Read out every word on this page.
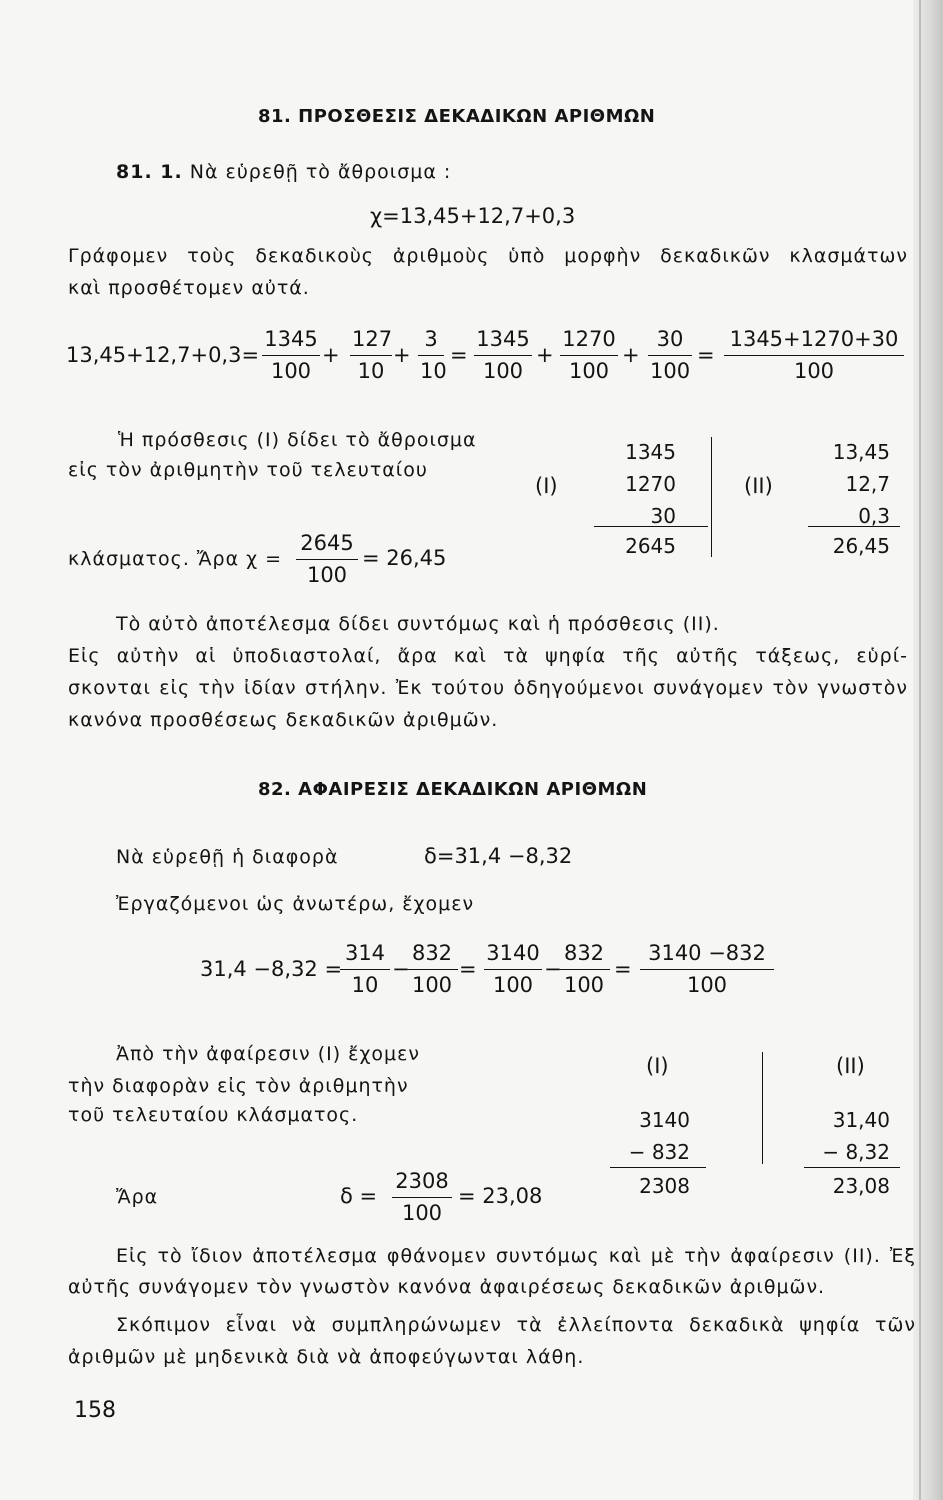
81. ΠΡΟΣΘΕΣΙΣ ΔΕΚΑΔΙΚΩΝ ΑΡΙΘΜΩΝ
81. 1. Νὰ εὑρεθῇ τὸ ἄθροισμα :
χ=13,45+12,7+0,3
Γράφομεν τοὺς δεκαδικοὺς ἀριθμοὺς ὑπὸ μορφὴν δεκαδικῶν κλασμάτων
καὶ προσθέτομεν αὐτά.
13,45+12,7+0,3=
1345
100
+
127
10
+
3
10
=
1345
100
+
1270
100
+
30
100
=
1345+1270+30
100
Ἡ πρόσθεσις (Ι) δίδει τὸ ἄθροισμα
εἰς τὸν ἀριθμητὴν τοῦ τελευταίου
κλάσματος. Ἄρα χ =
2645
100
= 26,45
(Ι)
1345
1270
30
2645
(ΙΙ)
13,45
12,7
0,3
26,45
Τὸ αὐτὸ ἀποτέλεσμα δίδει συντόμως καὶ ἡ πρόσθεσις (ΙΙ).
Εἰς αὐτὴν αἱ ὑποδιαστολαί, ἄρα καὶ τὰ ψηφία τῆς αὐτῆς τάξεως, εὑρί-
σκονται εἰς τὴν ἰδίαν στήλην. Ἐκ τούτου ὁδηγούμενοι συνάγομεν τὸν γνωστὸν
κανόνα προσθέσεως δεκαδικῶν ἀριθμῶν.
82. ΑΦΑΙΡΕΣΙΣ ΔΕΚΑΔΙΚΩΝ ΑΡΙΘΜΩΝ
Νὰ εὑρεθῇ ἡ διαφορὰ	δ=31,4 −8,32
Ἐργαζόμενοι ὡς ἀνωτέρω, ἔχομεν
31,4 −8,32 =
314
10
−
832
100
=
3140
100
−
832
100
=
3140 −832
100
Ἀπὸ τὴν ἀφαίρεσιν (Ι) ἔχομεν
τὴν διαφορὰν εἰς τὸν ἀριθμητὴν
τοῦ τελευταίου κλάσματος.
Ἄρα	δ =
2308
100
= 23,08
(Ι)
3140
− 832
2308
(ΙΙ)
31,40
− 8,32
23,08
Εἰς τὸ ἴδιον ἀποτέλεσμα φθάνομεν συντόμως καὶ μὲ τὴν ἀφαίρεσιν (ΙΙ). Ἐξ
αὐτῆς συνάγομεν τὸν γνωστὸν κανόνα ἀφαιρέσεως δεκαδικῶν ἀριθμῶν.
Σκόπιμον εἶναι νὰ συμπληρώνωμεν τὰ ἐλλείποντα δεκαδικὰ ψηφία τῶν
ἀριθμῶν μὲ μηδενικὰ διὰ νὰ ἀποφεύγωνται λάθη.
158
